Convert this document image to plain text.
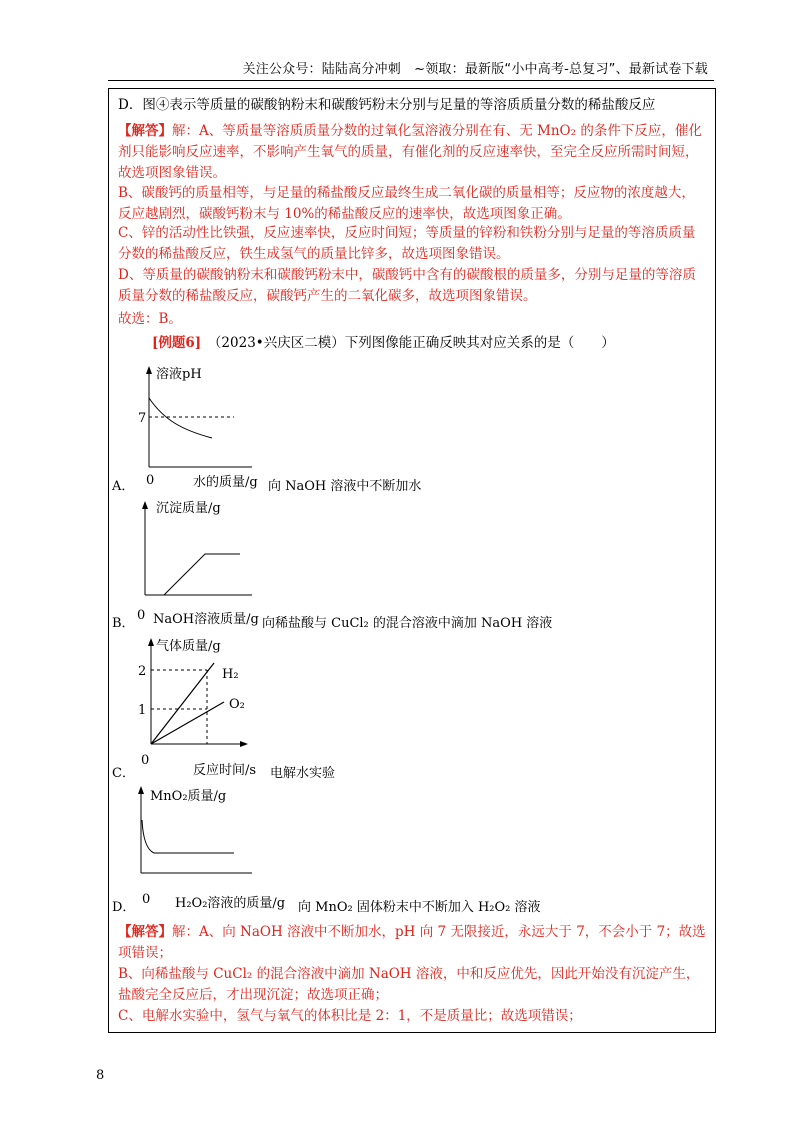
关注公众号：陆陆高分冲刺　~领取：最新版“小中高考-总复习”、最新试卷下载
D．图④表示等质量的碳酸钠粉末和碳酸钙粉末分别与足量的等溶质质量分数的稀盐酸反应
【解答】解：A、等质量等溶质质量分数的过氧化氢溶液分别在有、无 MnO₂ 的条件下反应，催化剂只能影响反应速率，不影响产生氧气的质量，有催化剂的反应速率快，至完全反应所需时间短，故选项图象错误。
B、碳酸钙的质量相等，与足量的稀盐酸反应最终生成二氧化碳的质量相等；反应物的浓度越大，反应越剧烈，碳酸钙粉末与 10%的稀盐酸反应的速率快，故选项图象正确。
C、锌的活动性比铁强，反应速率快，反应时间短；等质量的锌粉和铁粉分别与足量的等溶质质量分数的稀盐酸反应，铁生成氢气的质量比锌多，故选项图象错误。
D、等质量的碳酸钠粉末和碳酸钙粉末中，碳酸钙中含有的碳酸根的质量多，分别与足量的等溶质质量分数的稀盐酸反应，碳酸钙产生的二氧化碳多，故选项图象错误。
故选：B。
[例题6]　 （2023•兴庆区二模）下列图像能正确反映其对应关系的是（　　）
溶液pH
7
0
A．	水的质量/g 向 NaOH 溶液中不断加水
沉淀质量/g
B．
0 NaOH溶液质量/g 向稀盐酸与 CuCl₂ 的混合溶液中滴加 NaOH 溶液
气体质量/g
2
1
H₂
O₂
0
C．	反应时间/s 电解水实验
MnO₂质量/g
D．
0 H₂O₂溶液的质量/g 向 MnO₂ 固体粉末中不断加入 H₂O₂ 溶液
【解答】解：A、向 NaOH 溶液中不断加水，pH 向 7 无限接近，永远大于 7，不会小于 7；故选项错误；
B、向稀盐酸与 CuCl₂ 的混合溶液中滴加 NaOH 溶液，中和反应优先，因此开始没有沉淀产生，盐酸完全反应后，才出现沉淀；故选项正确；
C、电解水实验中，氢气与氧气的体积比是 2：1，不是质量比；故选项错误；
8
